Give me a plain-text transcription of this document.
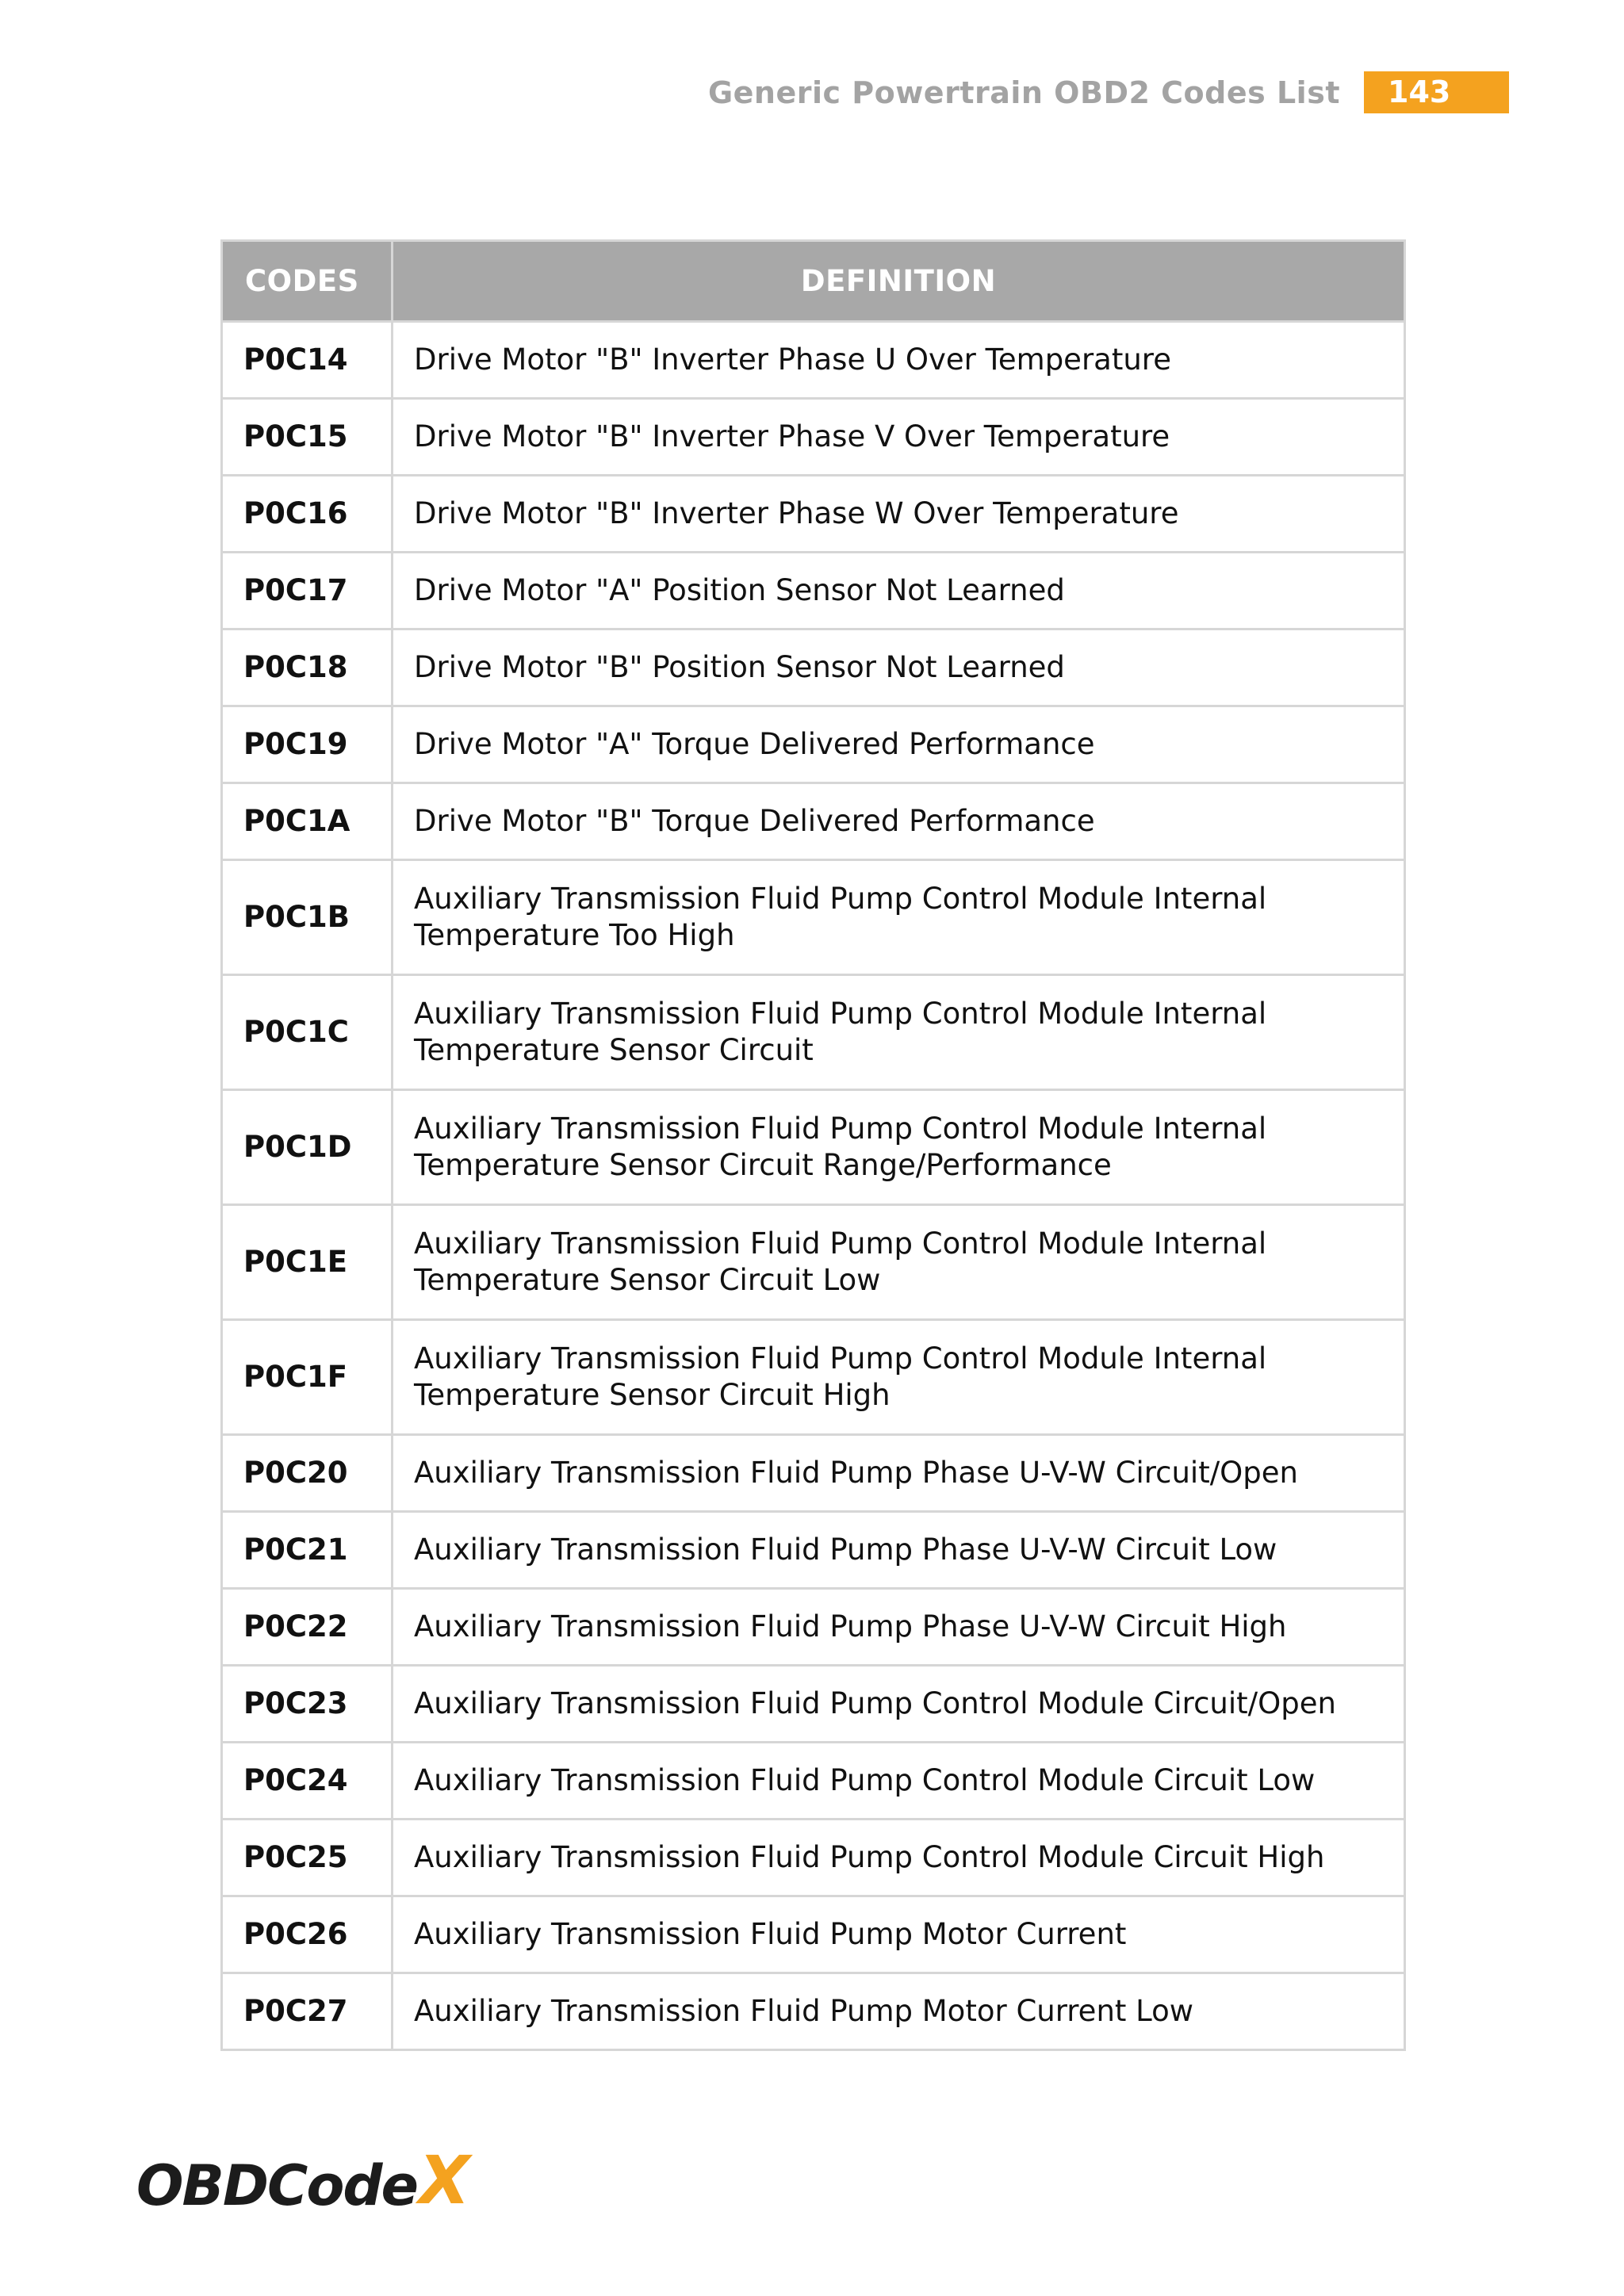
Generic Powertrain OBD2 Codes List	143
CODES	DEFINITION
P0C14	Drive Motor "B" Inverter Phase U Over Temperature
P0C15	Drive Motor "B" Inverter Phase V Over Temperature
P0C16	Drive Motor "B" Inverter Phase W Over Temperature
P0C17	Drive Motor "A" Position Sensor Not Learned
P0C18	Drive Motor "B" Position Sensor Not Learned
P0C19	Drive Motor "A" Torque Delivered Performance
P0C1A	Drive Motor "B" Torque Delivered Performance
P0C1B	Auxiliary Transmission Fluid Pump Control Module Internal Temperature Too High
P0C1C	Auxiliary Transmission Fluid Pump Control Module Internal Temperature Sensor Circuit
P0C1D	Auxiliary Transmission Fluid Pump Control Module Internal Temperature Sensor Circuit Range/Performance
P0C1E	Auxiliary Transmission Fluid Pump Control Module Internal Temperature Sensor Circuit Low
P0C1F	Auxiliary Transmission Fluid Pump Control Module Internal Temperature Sensor Circuit High
P0C20	Auxiliary Transmission Fluid Pump Phase U-V-W Circuit/Open
P0C21	Auxiliary Transmission Fluid Pump Phase U-V-W Circuit Low
P0C22	Auxiliary Transmission Fluid Pump Phase U-V-W Circuit High
P0C23	Auxiliary Transmission Fluid Pump Control Module Circuit/Open
P0C24	Auxiliary Transmission Fluid Pump Control Module Circuit Low
P0C25	Auxiliary Transmission Fluid Pump Control Module Circuit High
P0C26	Auxiliary Transmission Fluid Pump Motor Current
P0C27	Auxiliary Transmission Fluid Pump Motor Current Low
OBDCode X
